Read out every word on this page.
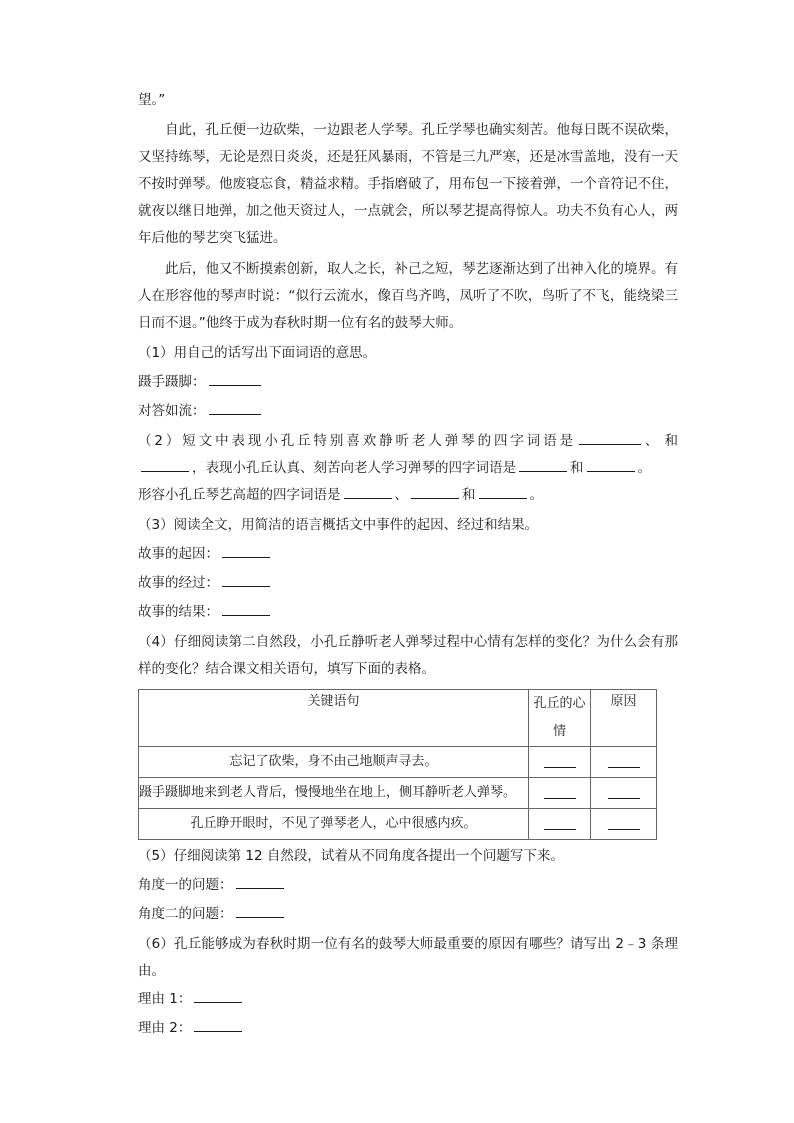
望。”
自此，孔丘便一边砍柴，一边跟老人学琴。孔丘学琴也确实刻苦。他每日既不误砍柴，又坚持练琴，无论是烈日炎炎，还是狂风暴雨，不管是三九严寒，还是冰雪盖地，没有一天不按时弹琴。他废寝忘食，精益求精。手指磨破了，用布包一下接着弹，一个音符记不住，就夜以继日地弹，加之他天资过人，一点就会，所以琴艺提高得惊人。功夫不负有心人，两年后他的琴艺突飞猛进。
此后，他又不断摸索创新，取人之长，补己之短，琴艺逐渐达到了出神入化的境界。有人在形容他的琴声时说：“似行云流水，像百鸟齐鸣，凤听了不吹，鸟听了不飞，能绕梁三日而不退。”他终于成为春秋时期一位有名的鼓琴大师。
（1）用自己的话写出下面词语的意思。
蹑手蹑脚：
对答如流：
（2）短文中表现小孔丘特别喜欢静听老人弹琴的四字词语是	、 和，表现小孔丘认真、刻苦向老人学习弹琴的四字词语是	和	。
形容小孔丘琴艺高超的四字词语是	、	和	。
（3）阅读全文，用简洁的语言概括文中事件的起因、经过和结果。
故事的起因：
故事的经过：
故事的结果：
（4）仔细阅读第二自然段，小孔丘静听老人弹琴过程中心情有怎样的变化？为什么会有那样的变化？结合课文相关语句，填写下面的表格。
关键语句	孔丘的心情	原因
忘记了砍柴，身不由己地顺声寻去。		
蹑手蹑脚地来到老人背后，慢慢地坐在地上，侧耳静听老人弹琴。		
孔丘睁开眼时，不见了弹琴老人，心中很感内疚。		
（5）仔细阅读第 12 自然段，试着从不同角度各提出一个问题写下来。
角度一的问题：
角度二的问题：
（6）孔丘能够成为春秋时期一位有名的鼓琴大师最重要的原因有哪些？请写出 2﹣3 条理由。
理由 1：
理由 2：
